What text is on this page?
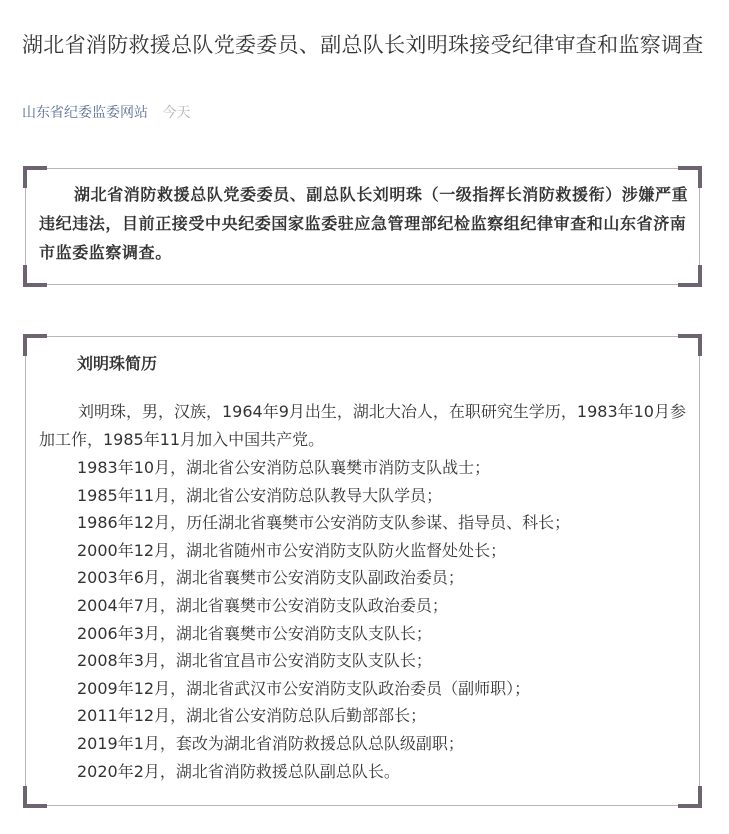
湖北省消防救援总队党委委员、副总队长刘明珠接受纪律审查和监察调查
山东省纪委监委网站 今天

湖北省消防救援总队党委委员、副总队长刘明珠（一级指挥长消防救援衔）涉嫌严重违纪违法，目前正接受中央纪委国家监委驻应急管理部纪检监察组纪律审查和山东省济南市监委监察调查。

刘明珠简历

刘明珠，男，汉族，1964年9月出生，湖北大冶人，在职研究生学历，1983年10月参加工作，1985年11月加入中国共产党。

1983年10月，湖北省公安消防总队襄樊市消防支队战士；
1985年11月，湖北省公安消防总队教导大队学员；
1986年12月，历任湖北省襄樊市公安消防支队参谋、指导员、科长；
2000年12月，湖北省随州市公安消防支队防火监督处处长；
2003年6月，湖北省襄樊市公安消防支队副政治委员；
2004年7月，湖北省襄樊市公安消防支队政治委员；
2006年3月，湖北省襄樊市公安消防支队支队长；
2008年3月，湖北省宜昌市公安消防支队支队长；
2009年12月，湖北省武汉市公安消防支队政治委员（副师职）；
2011年12月，湖北省公安消防总队后勤部部长；
2019年1月，套改为湖北省消防救援总队总队级副职；
2020年2月，湖北省消防救援总队副总队长。
